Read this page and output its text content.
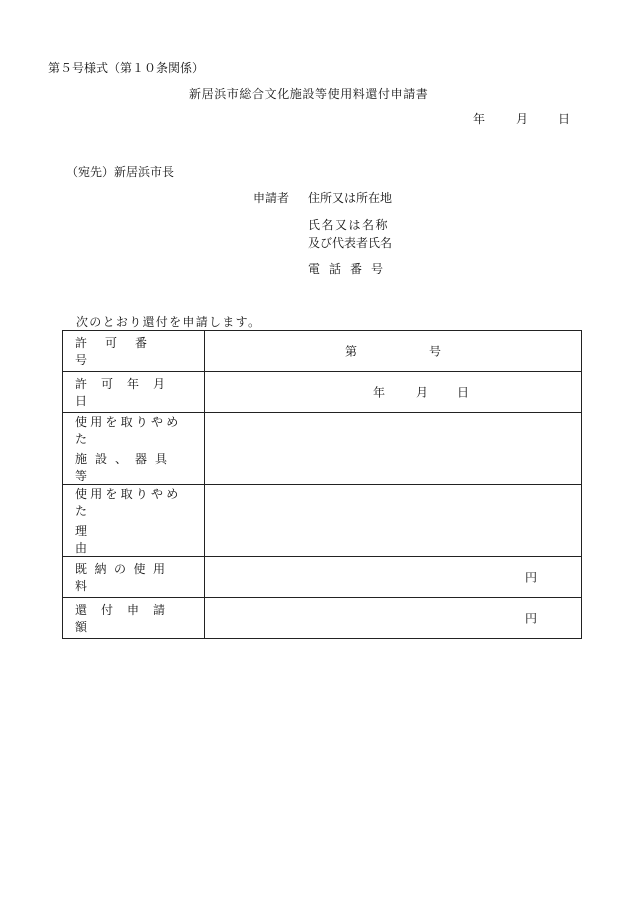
第５号様式（第１０条関係）
新居浜市総合文化施設等使用料還付申請書
年	月 日
（宛先）新居浜市長
申請者 住所又は所在地
氏名又は名称
及び代表者氏名
電話番号
次のとおり還付を申請します。
許可番号	第 号

許可年月日	年 月 日

使用を取りやめた
施設、器具等	

使用を取りやめた
理由	

既納の使用料	円

還付申請額	円
